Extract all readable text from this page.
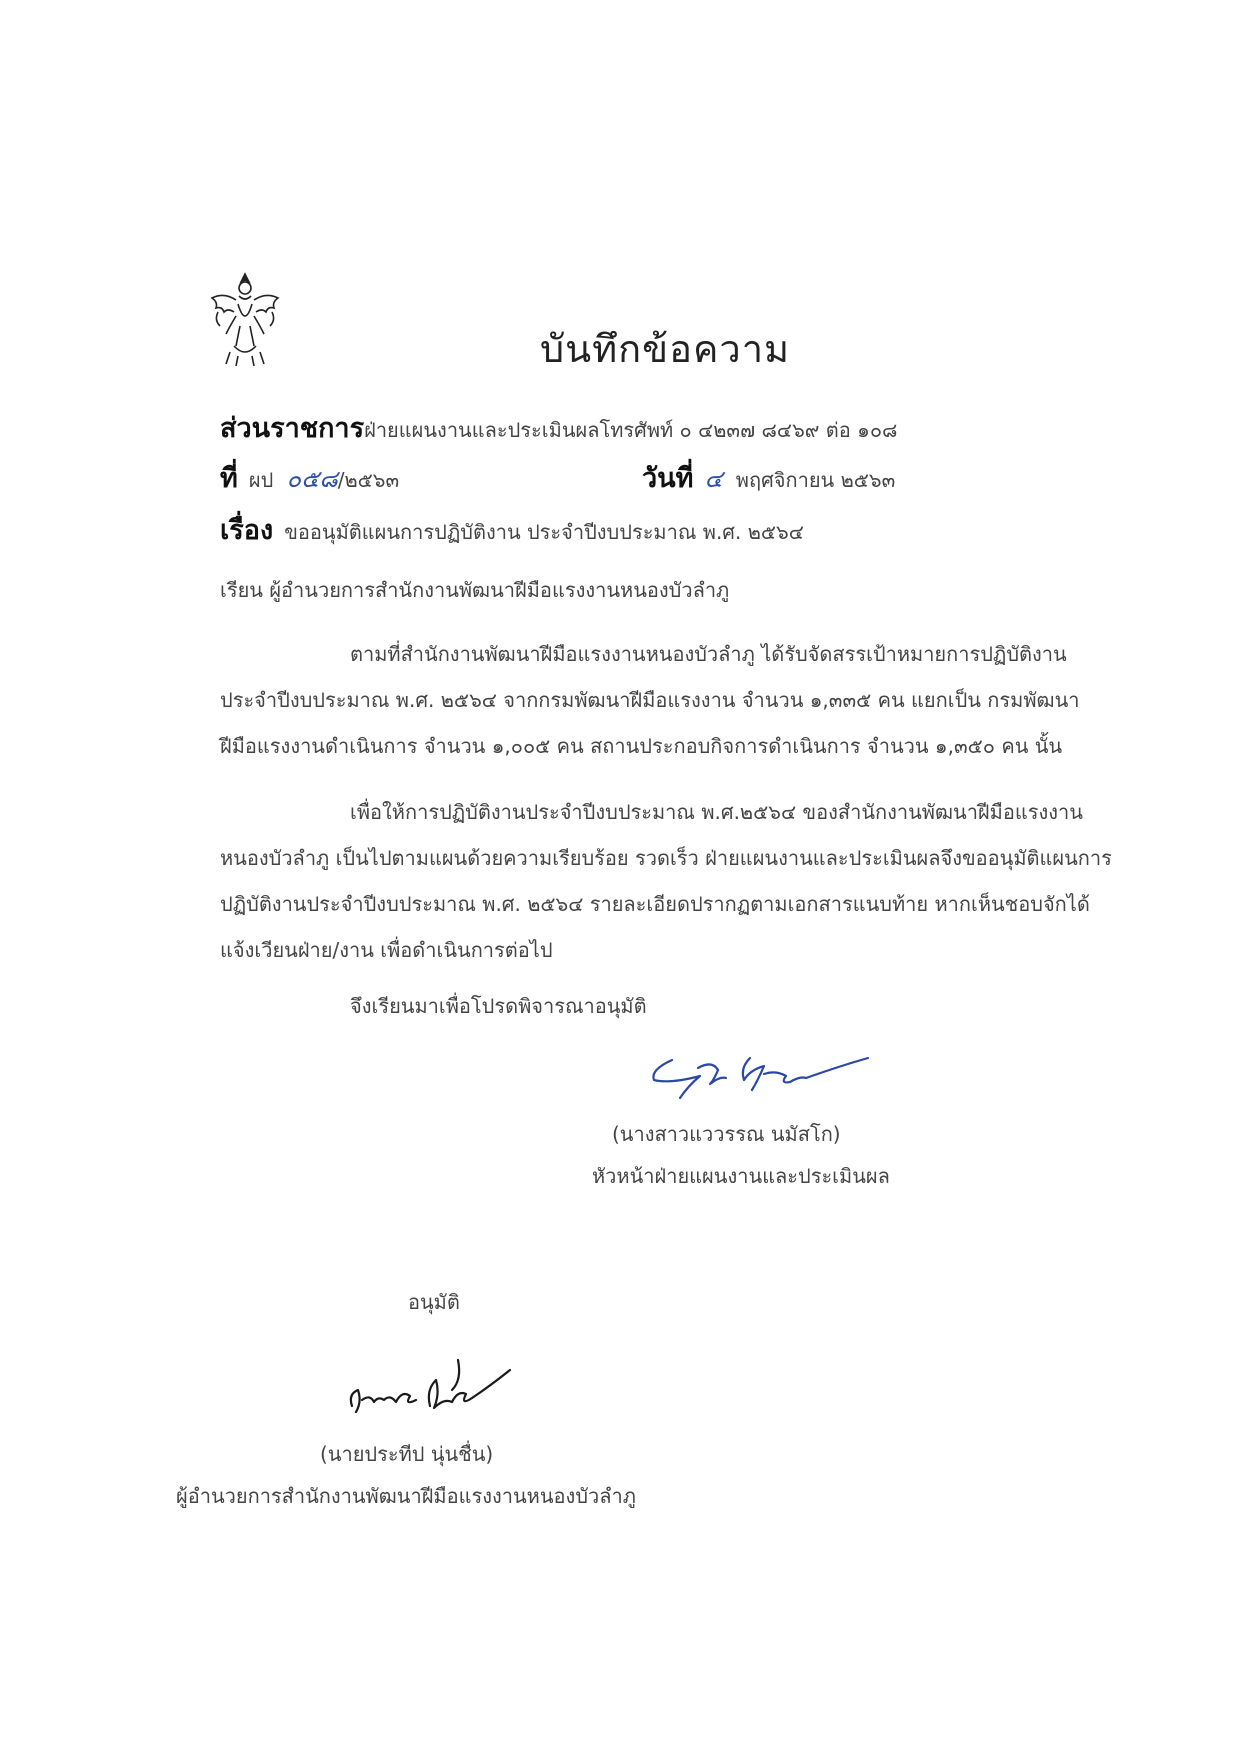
บันทึกข้อความ
ส่วนราชการฝ่ายแผนงานและประเมินผลโทรศัพท์ ๐ ๔๒๓๗ ๘๔๖๙ ต่อ ๑๐๘
ที่ ผป ๐๕๘/๒๕๖๓	วันที่ ๔ พฤศจิกายน ๒๕๖๓
เรื่อง ขออนุมัติแผนการปฏิบัติงาน ประจำปีงบประมาณ พ.ศ. ๒๕๖๔
เรียน ผู้อำนวยการสำนักงานพัฒนาฝีมือแรงงานหนองบัวลำภู
ตามที่สำนักงานพัฒนาฝีมือแรงงานหนองบัวลำภู ได้รับจัดสรรเป้าหมายการปฏิบัติงาน
ประจำปีงบประมาณ พ.ศ. ๒๕๖๔ จากกรมพัฒนาฝีมือแรงงาน จำนวน ๑,๓๓๕ คน แยกเป็น กรมพัฒนา
ฝีมือแรงงานดำเนินการ จำนวน ๑,๐๐๕ คน สถานประกอบกิจการดำเนินการ จำนวน ๑,๓๕๐ คน นั้น
เพื่อให้การปฏิบัติงานประจำปีงบประมาณ พ.ศ.๒๕๖๔ ของสำนักงานพัฒนาฝีมือแรงงาน
หนองบัวลำภู เป็นไปตามแผนด้วยความเรียบร้อย รวดเร็ว ฝ่ายแผนงานและประเมินผลจึงขออนุมัติแผนการ
ปฏิบัติงานประจำปีงบประมาณ พ.ศ. ๒๕๖๔ รายละเอียดปรากฏตามเอกสารแนบท้าย หากเห็นชอบจักได้
แจ้งเวียนฝ่าย/งาน เพื่อดำเนินการต่อไป
จึงเรียนมาเพื่อโปรดพิจารณาอนุมัติ
(นางสาวแววรรณ นมัสโก)
หัวหน้าฝ่ายแผนงานและประเมินผล
อนุมัติ
(นายประทีป นุ่นชื่น)
ผู้อำนวยการสำนักงานพัฒนาฝีมือแรงงานหนองบัวลำภู
